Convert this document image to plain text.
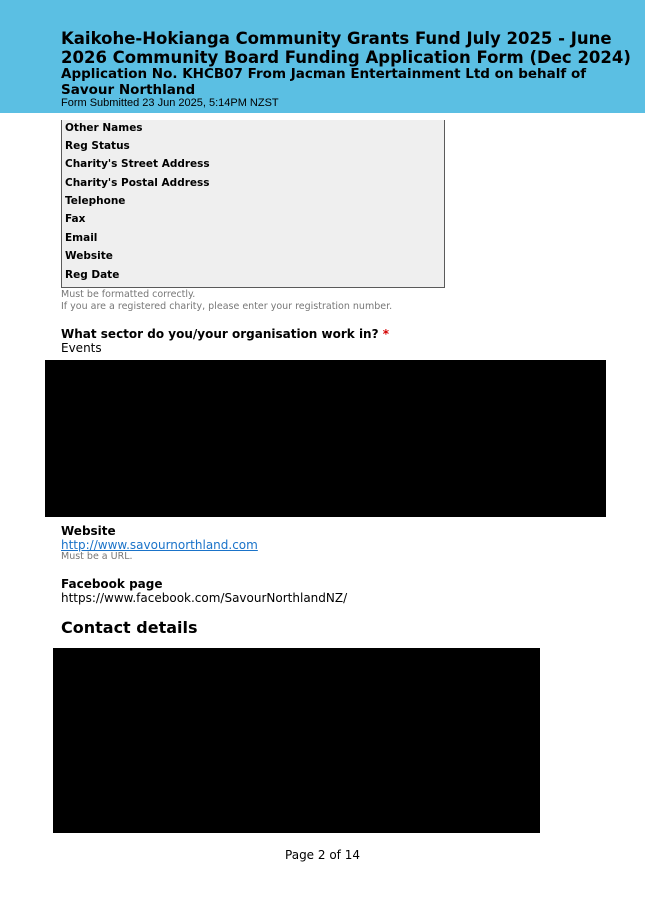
Kaikohe-Hokianga Community Grants Fund July 2025 - June 2026 Community Board Funding Application Form (Dec 2024)
Application No. KHCB07 From Jacman Entertainment Ltd on behalf of Savour Northland
Form Submitted 23 Jun 2025, 5:14PM NZST
Other Names
Reg Status
Charity's Street Address
Charity's Postal Address
Telephone
Fax
Email
Website
Reg Date
Must be formatted correctly.
If you are a registered charity, please enter your registration number.
What sector do you/your organisation work in? *
Events
Website
http://www.savournorthland.com
Must be a URL.
Facebook page
https://www.facebook.com/SavourNorthlandNZ/
Contact details
Page 2 of 14
